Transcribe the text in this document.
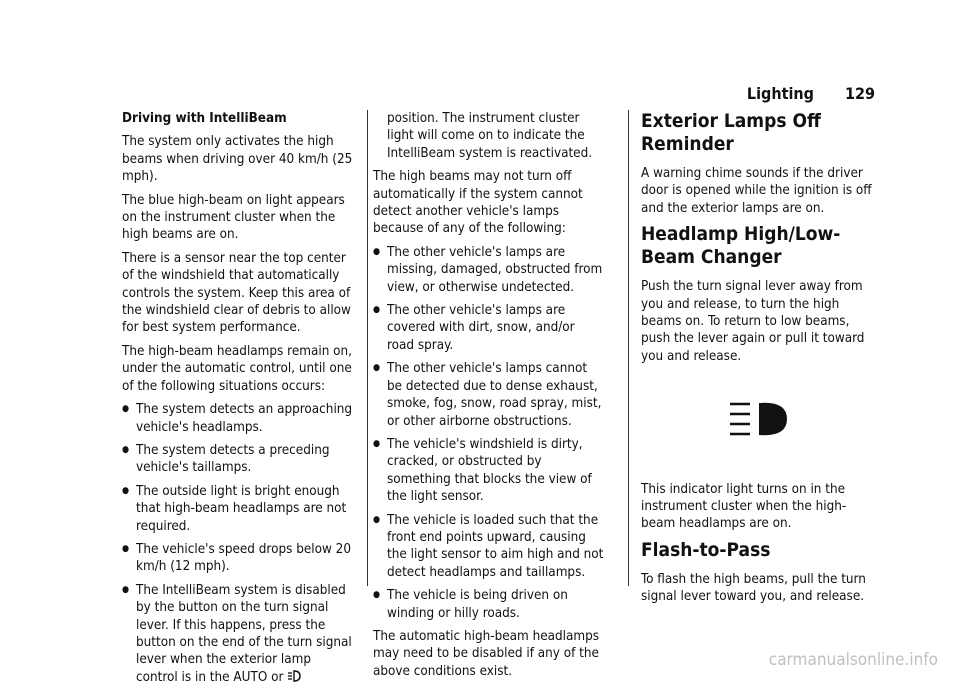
Lighting 129
Driving with IntelliBeam

The system only activates the high beams when driving over 40 km/h (25 mph).

The blue high-beam on light appears on the instrument cluster when the high beams are on.

There is a sensor near the top center of the windshield that automatically controls the system. Keep this area of the windshield clear of debris to allow for best system performance.

The high-beam headlamps remain on, under the automatic control, until one of the following situations occurs:

● The system detects an approaching vehicle's headlamps.
● The system detects a preceding vehicle's taillamps.
● The outside light is bright enough that high-beam headlamps are not required.
● The vehicle's speed drops below 20 km/h (12 mph).
● The IntelliBeam system is disabled by the button on the turn signal lever. If this happens, press the button on the end of the turn signal lever when the exterior lamp control is in the AUTO or
position. The instrument cluster light will come on to indicate the IntelliBeam system is reactivated.

The high beams may not turn off automatically if the system cannot detect another vehicle's lamps because of any of the following:

● The other vehicle's lamps are missing, damaged, obstructed from view, or otherwise undetected.
● The other vehicle's lamps are covered with dirt, snow, and/or road spray.
● The other vehicle's lamps cannot be detected due to dense exhaust, smoke, fog, snow, road spray, mist, or other airborne obstructions.
● The vehicle's windshield is dirty, cracked, or obstructed by something that blocks the view of the light sensor.
● The vehicle is loaded such that the front end points upward, causing the light sensor to aim high and not detect headlamps and taillamps.
● The vehicle is being driven on winding or hilly roads.

The automatic high-beam headlamps may need to be disabled if any of the above conditions exist.

Exterior Lamps Off Reminder

A warning chime sounds if the driver door is opened while the ignition is off and the exterior lamps are on.

Headlamp High/Low-Beam Changer

Push the turn signal lever away from you and release, to turn the high beams on. To return to low beams, push the lever again or pull it toward you and release.

This indicator light turns on in the instrument cluster when the high-beam headlamps are on.

Flash-to-Pass

To flash the high beams, pull the turn signal lever toward you, and release.

carmanualsonline.info
